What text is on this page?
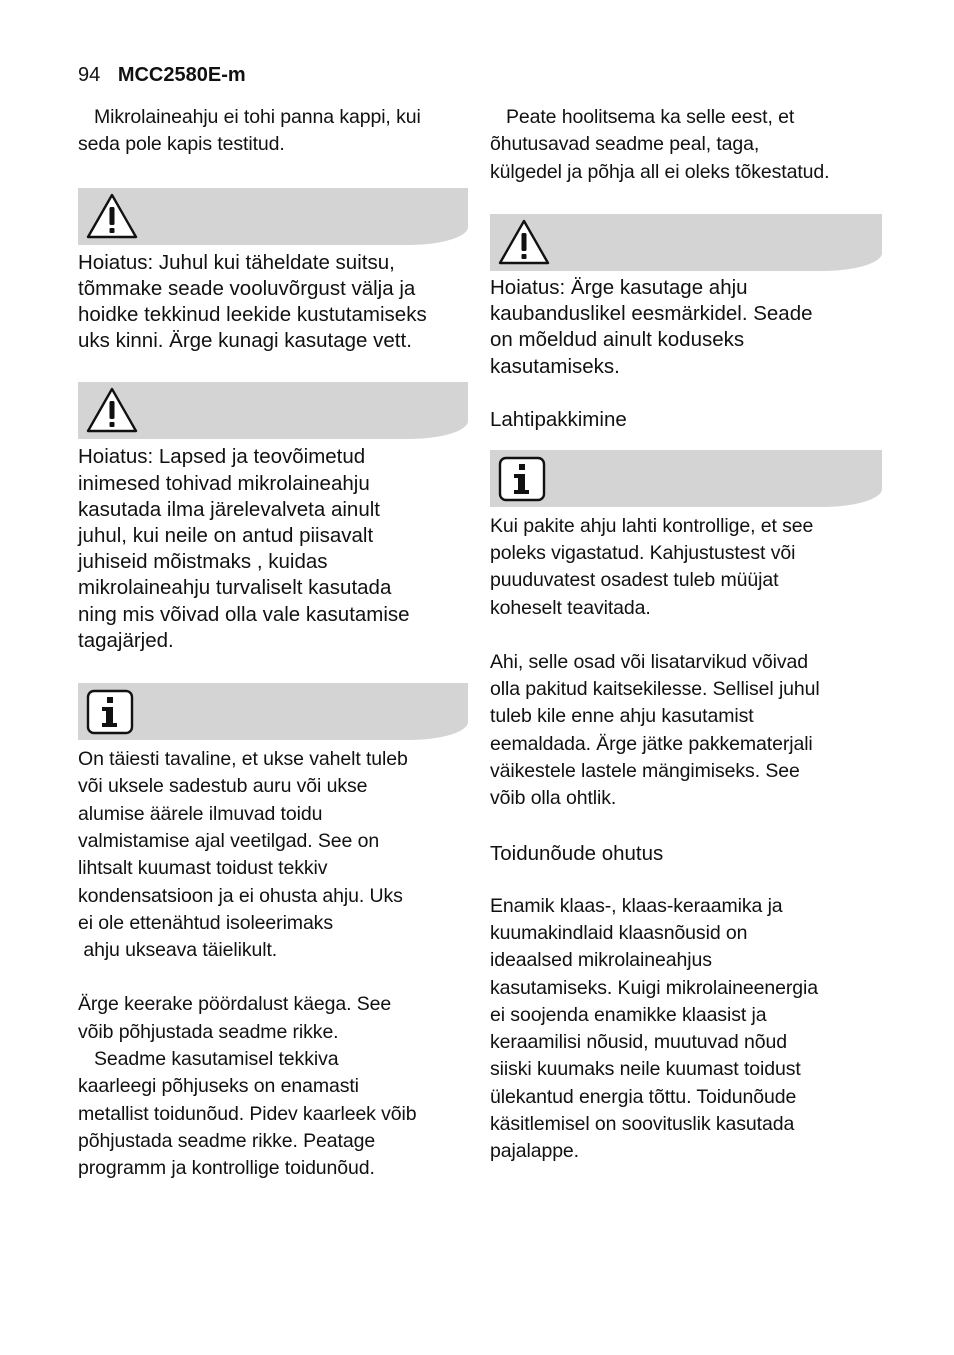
94 MCC2580E-m

Mikrolaineahju ei tohi panna kappi, kui
seda pole kapis testitud.

Hoiatus: Juhul kui täheldate suitsu,
tõmmake seade vooluvõrgust välja ja
hoidke tekkinud leekide kustutamiseks
uks kinni. Ärge kunagi kasutage vett.

Hoiatus: Lapsed ja teovõimetud
inimesed tohivad mikrolaineahju
kasutada ilma järelevalveta ainult
juhul, kui neile on antud piisavalt
juhiseid mõistmaks , kuidas
mikrolaineahju turvaliselt kasutada
ning mis võivad olla vale kasutamise
tagajärjed.

On täiesti tavaline, et ukse vahelt tuleb
või uksele sadestub auru või ukse
alumise äärele ilmuvad toidu
valmistamise ajal veetilgad. See on
lihtsalt kuumast toidust tekkiv
kondensatsioon ja ei ohusta ahju. Uks
ei ole ettenähtud isoleerimaks
ahju ukseava täielikult.

Ärge keerake pöördalust käega. See
võib põhjustada seadme rikke.
Seadme kasutamisel tekkiva
kaarleegi põhjuseks on enamasti
metallist toidunõud. Pidev kaarleek võib
põhjustada seadme rikke. Peatage
programm ja kontrollige toidunõud.

Peate hoolitsema ka selle eest, et
õhutusavad seadme peal, taga,
külgedel ja põhja all ei oleks tõkestatud.

Hoiatus: Ärge kasutage ahju
kaubanduslikel eesmärkidel. Seade
on mõeldud ainult koduseks
kasutamiseks.

Lahtipakkimine

Kui pakite ahju lahti kontrollige, et see
poleks vigastatud. Kahjustustest või
puuduvatest osadest tuleb müüjat
koheselt teavitada.

Ahi, selle osad või lisatarvikud võivad
olla pakitud kaitsekilesse. Sellisel juhul
tuleb kile enne ahju kasutamist
eemaldada. Ärge jätke pakkematerjali
väikestele lastele mängimiseks. See
võib olla ohtlik.

Toidunõude ohutus

Enamik klaas-, klaas-keraamika ja
kuumakindlaid klaasnõusid on
ideaalsed mikrolaineahjus
kasutamiseks. Kuigi mikrolaineenergia
ei soojenda enamikke klaasist ja
keraamilisi nõusid, muutuvad nõud
siiski kuumaks neile kuumast toidust
ülekantud energia tõttu. Toidunõude
käsitlemisel on soovituslik kasutada
pajalappe.
